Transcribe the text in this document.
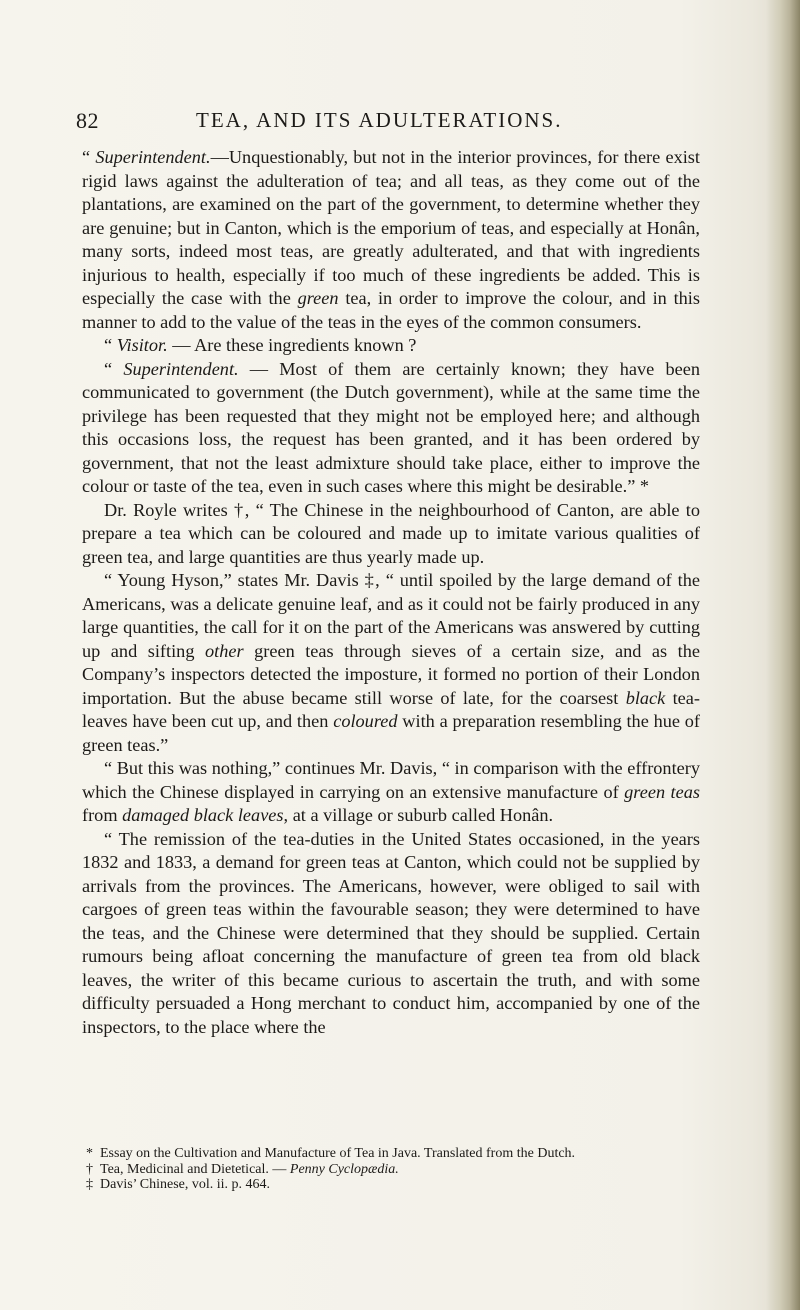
82	TEA, AND ITS ADULTERATIONS.

“ Superintendent.—Unquestionably, but not in the interior provinces, for there exist rigid laws against the adulteration of tea; and all teas, as they come out of the plantations, are examined on the part of the government, to determine whether they are genuine; but in Canton, which is the emporium of teas, and especially at Honân, many sorts, indeed most teas, are greatly adulterated, and that with ingredients injurious to health, especially if too much of these ingredients be added. This is especially the case with the green tea, in order to improve the colour, and in this manner to add to the value of the teas in the eyes of the common consumers.

“ Visitor. — Are these ingredients known ?

“ Superintendent. — Most of them are certainly known; they have been communicated to government (the Dutch government), while at the same time the privilege has been requested that they might not be employed here; and although this occasions loss, the request has been granted, and it has been ordered by government, that not the least admixture should take place, either to improve the colour or taste of the tea, even in such cases where this might be desirable.” *

Dr. Royle writes †, “ The Chinese in the neighbourhood of Canton, are able to prepare a tea which can be coloured and made up to imitate various qualities of green tea, and large quantities are thus yearly made up.

“ Young Hyson,” states Mr. Davis ‡, “ until spoiled by the large demand of the Americans, was a delicate genuine leaf, and as it could not be fairly produced in any large quantities, the call for it on the part of the Americans was answered by cutting up and sifting other green teas through sieves of a certain size, and as the Company’s inspectors detected the imposture, it formed no portion of their London importation. But the abuse became still worse of late, for the coarsest black tea-leaves have been cut up, and then coloured with a preparation resembling the hue of green teas.”

“ But this was nothing,” continues Mr. Davis, “ in comparison with the effrontery which the Chinese displayed in carrying on an extensive manufacture of green teas from damaged black leaves, at a village or suburb called Honân.

“ The remission of the tea-duties in the United States occasioned, in the years 1832 and 1833, a demand for green teas at Canton, which could not be supplied by arrivals from the provinces. The Americans, however, were obliged to sail with cargoes of green teas within the favourable season; they were determined to have the teas, and the Chinese were determined that they should be supplied. Certain rumours being afloat concerning the manufacture of green tea from old black leaves, the writer of this became curious to ascertain the truth, and with some difficulty persuaded a Hong merchant to conduct him, accompanied by one of the inspectors, to the place where the

* Essay on the Cultivation and Manufacture of Tea in Java. Translated from the Dutch.
† Tea, Medicinal and Dietetical. — Penny Cyclopædia.
‡ Davis’ Chinese, vol. ii. p. 464.
